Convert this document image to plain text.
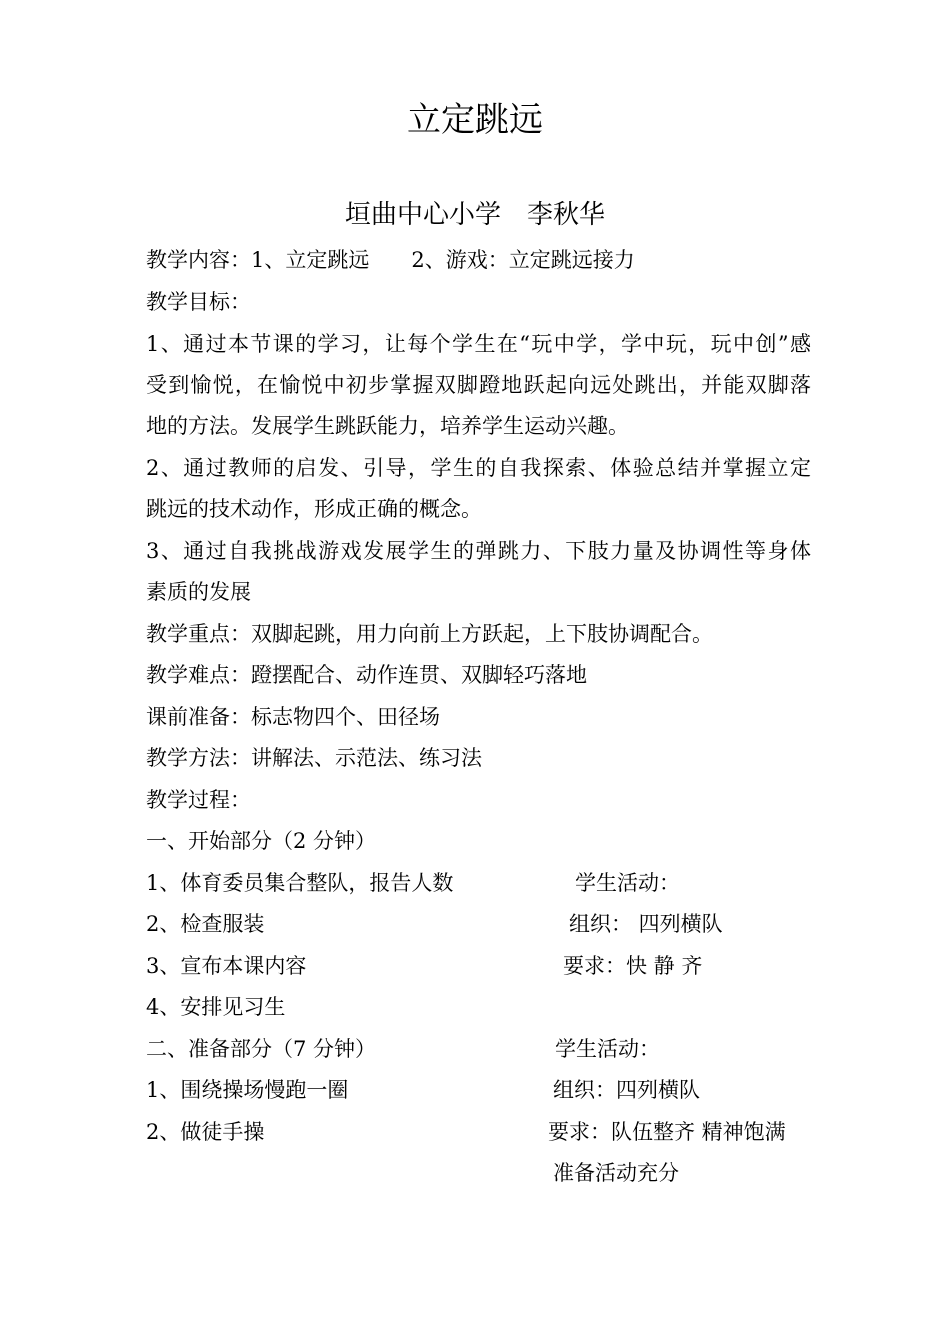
立定跳远
垣曲中心小学　李秋华
教学内容：1、立定跳远　　2、游戏：立定跳远接力
教学目标：
1、通过本节课的学习，让每个学生在“玩中学，学中玩，玩中创”感
受到愉悦，在愉悦中初步掌握双脚蹬地跃起向远处跳出，并能双脚落
地的方法。发展学生跳跃能力，培养学生运动兴趣。
2、通过教师的启发、引导，学生的自我探索、体验总结并掌握立定
跳远的技术动作，形成正确的概念。
3、通过自我挑战游戏发展学生的弹跳力、下肢力量及协调性等身体
素质的发展
教学重点：双脚起跳，用力向前上方跃起，上下肢协调配合。
教学难点：蹬摆配合、动作连贯、双脚轻巧落地
课前准备：标志物四个、田径场
教学方法：讲解法、示范法、练习法
教学过程：
一、开始部分（2 分钟）
1、体育委员集合整队，报告人数	学生活动：
2、检查服装	组织： 四列横队
3、宣布本课内容	要求：快 静 齐
4、安排见习生
二、准备部分（7 分钟）	学生活动：
1、围绕操场慢跑一圈	组织：四列横队
2、做徒手操	要求：队伍整齐 精神饱满
准备活动充分
